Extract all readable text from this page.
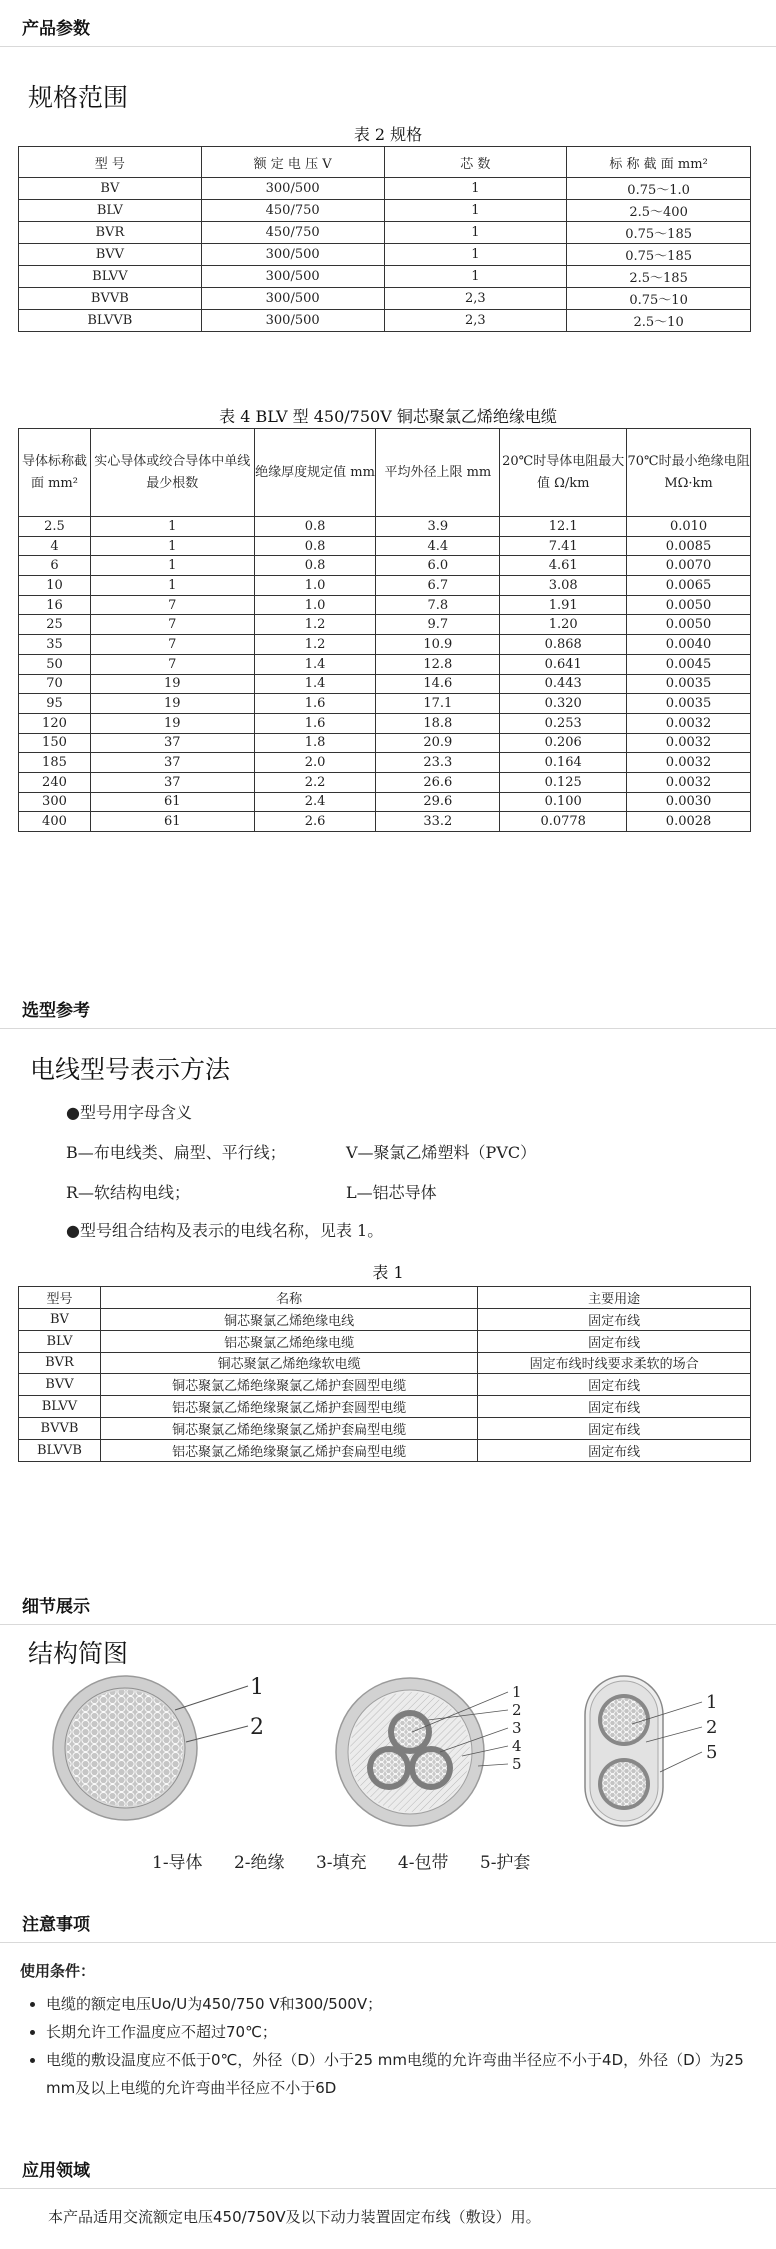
产品参数
规格范围
表 2 规格
型 号	额 定 电 压 V	芯 数	标 称 截 面 mm²
BV	300/500	1	0.75～1.0
BLV	450/750	1	2.5～400
BVR	450/750	1	0.75～185
BVV	300/500	1	0.75～185
BLVV	300/500	1	2.5～185
BVVB	300/500	2,3	0.75～10
BLVVB	300/500	2,3	2.5～10
表 4 BLV 型 450/750V 铜芯聚氯乙烯绝缘电缆
导体标称截面 mm²	实心导体或绞合导体中单线最少根数	绝缘厚度规定值 mm	平均外径上限 mm	20℃时导体电阻最大值 Ω/km	70℃时最小绝缘电阻 MΩ·km
2.5	1	0.8	3.9	12.1	0.010
4	1	0.8	4.4	7.41	0.0085
6	1	0.8	6.0	4.61	0.0070
10	1	1.0	6.7	3.08	0.0065
16	7	1.0	7.8	1.91	0.0050
25	7	1.2	9.7	1.20	0.0050
35	7	1.2	10.9	0.868	0.0040
50	7	1.4	12.8	0.641	0.0045
70	19	1.4	14.6	0.443	0.0035
95	19	1.6	17.1	0.320	0.0035
120	19	1.6	18.8	0.253	0.0032
150	37	1.8	20.9	0.206	0.0032
185	37	2.0	23.3	0.164	0.0032
240	37	2.2	26.6	0.125	0.0032
300	61	2.4	29.6	0.100	0.0030
400	61	2.6	33.2	0.0778	0.0028
选型参考
电线型号表示方法
●型号用字母含义
B—布电线类、扁型、平行线；	V—聚氯乙烯塑料（PVC）
R—软结构电线；	L—铝芯导体
●型号组合结构及表示的电线名称，见表 1。
表 1
型号	名称	主要用途
BV	铜芯聚氯乙烯绝缘电线	固定布线
BLV	铝芯聚氯乙烯绝缘电缆	固定布线
BVR	铜芯聚氯乙烯绝缘软电缆	固定布线时线要求柔软的场合
BVV	铜芯聚氯乙烯绝缘聚氯乙烯护套圆型电缆	固定布线
BLVV	铝芯聚氯乙烯绝缘聚氯乙烯护套圆型电缆	固定布线
BVVB	铜芯聚氯乙烯绝缘聚氯乙烯护套扁型电缆	固定布线
BLVVB	铝芯聚氯乙烯绝缘聚氯乙烯护套扁型电缆	固定布线
细节展示
结构简图
1
2
1
2
3
4
5
1
2
5
1-导体 2-绝缘 3-填充 4-包带 5-护套
注意事项
使用条件：
• 电缆的额定电压Uo/U为450/750 V和300/500V；
• 长期允许工作温度应不超过70℃；
• 电缆的敷设温度应不低于0℃，外径（D）小于25 mm电缆的允许弯曲半径应不小于4D，外径（D）为25 mm及以上电缆的允许弯曲半径应不小于6D
应用领域
本产品适用交流额定电压450/750V及以下动力装置固定布线（敷设）用。
